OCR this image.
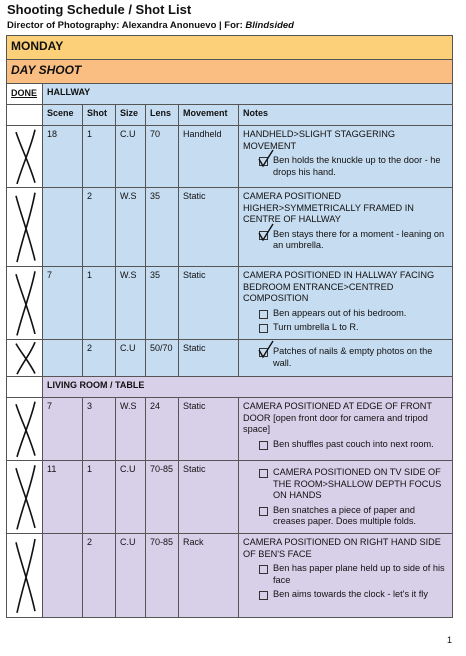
Shooting Schedule / Shot List
Director of Photography: Alexandra Anonuevo | For: Blindsided
MONDAY						
DAY SHOOT						
DONE	HALLWAY					
	Scene	Shot	Size	Lens	Movement	Notes

	18	1	C.U	70	Handheld	HANDHELD>SLIGHT STAGGERING MOVEMENT
Ben holds the knuckle up to the door - he drops his hand.

		2	W.S	35	Static	CAMERA POSITIONED HIGHER>SYMMETRICALLY FRAMED IN CENTRE OF HALLWAY
Ben stays there for a moment - leaning on an umbrella.

	7	1	W.S	35	Static	CAMERA POSITIONED IN HALLWAY FACING BEDROOM ENTRANCE>CENTRED COMPOSITION
Ben appears out of his bedroom.
Turn umbrella L to R.

		2	C.U	50/70	Static	Patches of nails & empty photos on the wall.

	LIVING ROOM / TABLE					

	7	3	W.S	24	Static	CAMERA POSITIONED AT EDGE OF FRONT DOOR [open front door for camera and tripod space]
Ben shuffles past couch into next room.

	11	1	C.U	70-85	Static	CAMERA POSITIONED ON TV SIDE OF THE ROOM>SHALLOW DEPTH FOCUS ON HANDS
Ben snatches a piece of paper and creases paper. Does multiple folds.

		2	C.U	70-85	Rack	CAMERA POSITIONED ON RIGHT HAND SIDE OF BEN'S FACE
Ben has paper plane held up to side of his face
Ben aims towards the clock - let's it fly
1
